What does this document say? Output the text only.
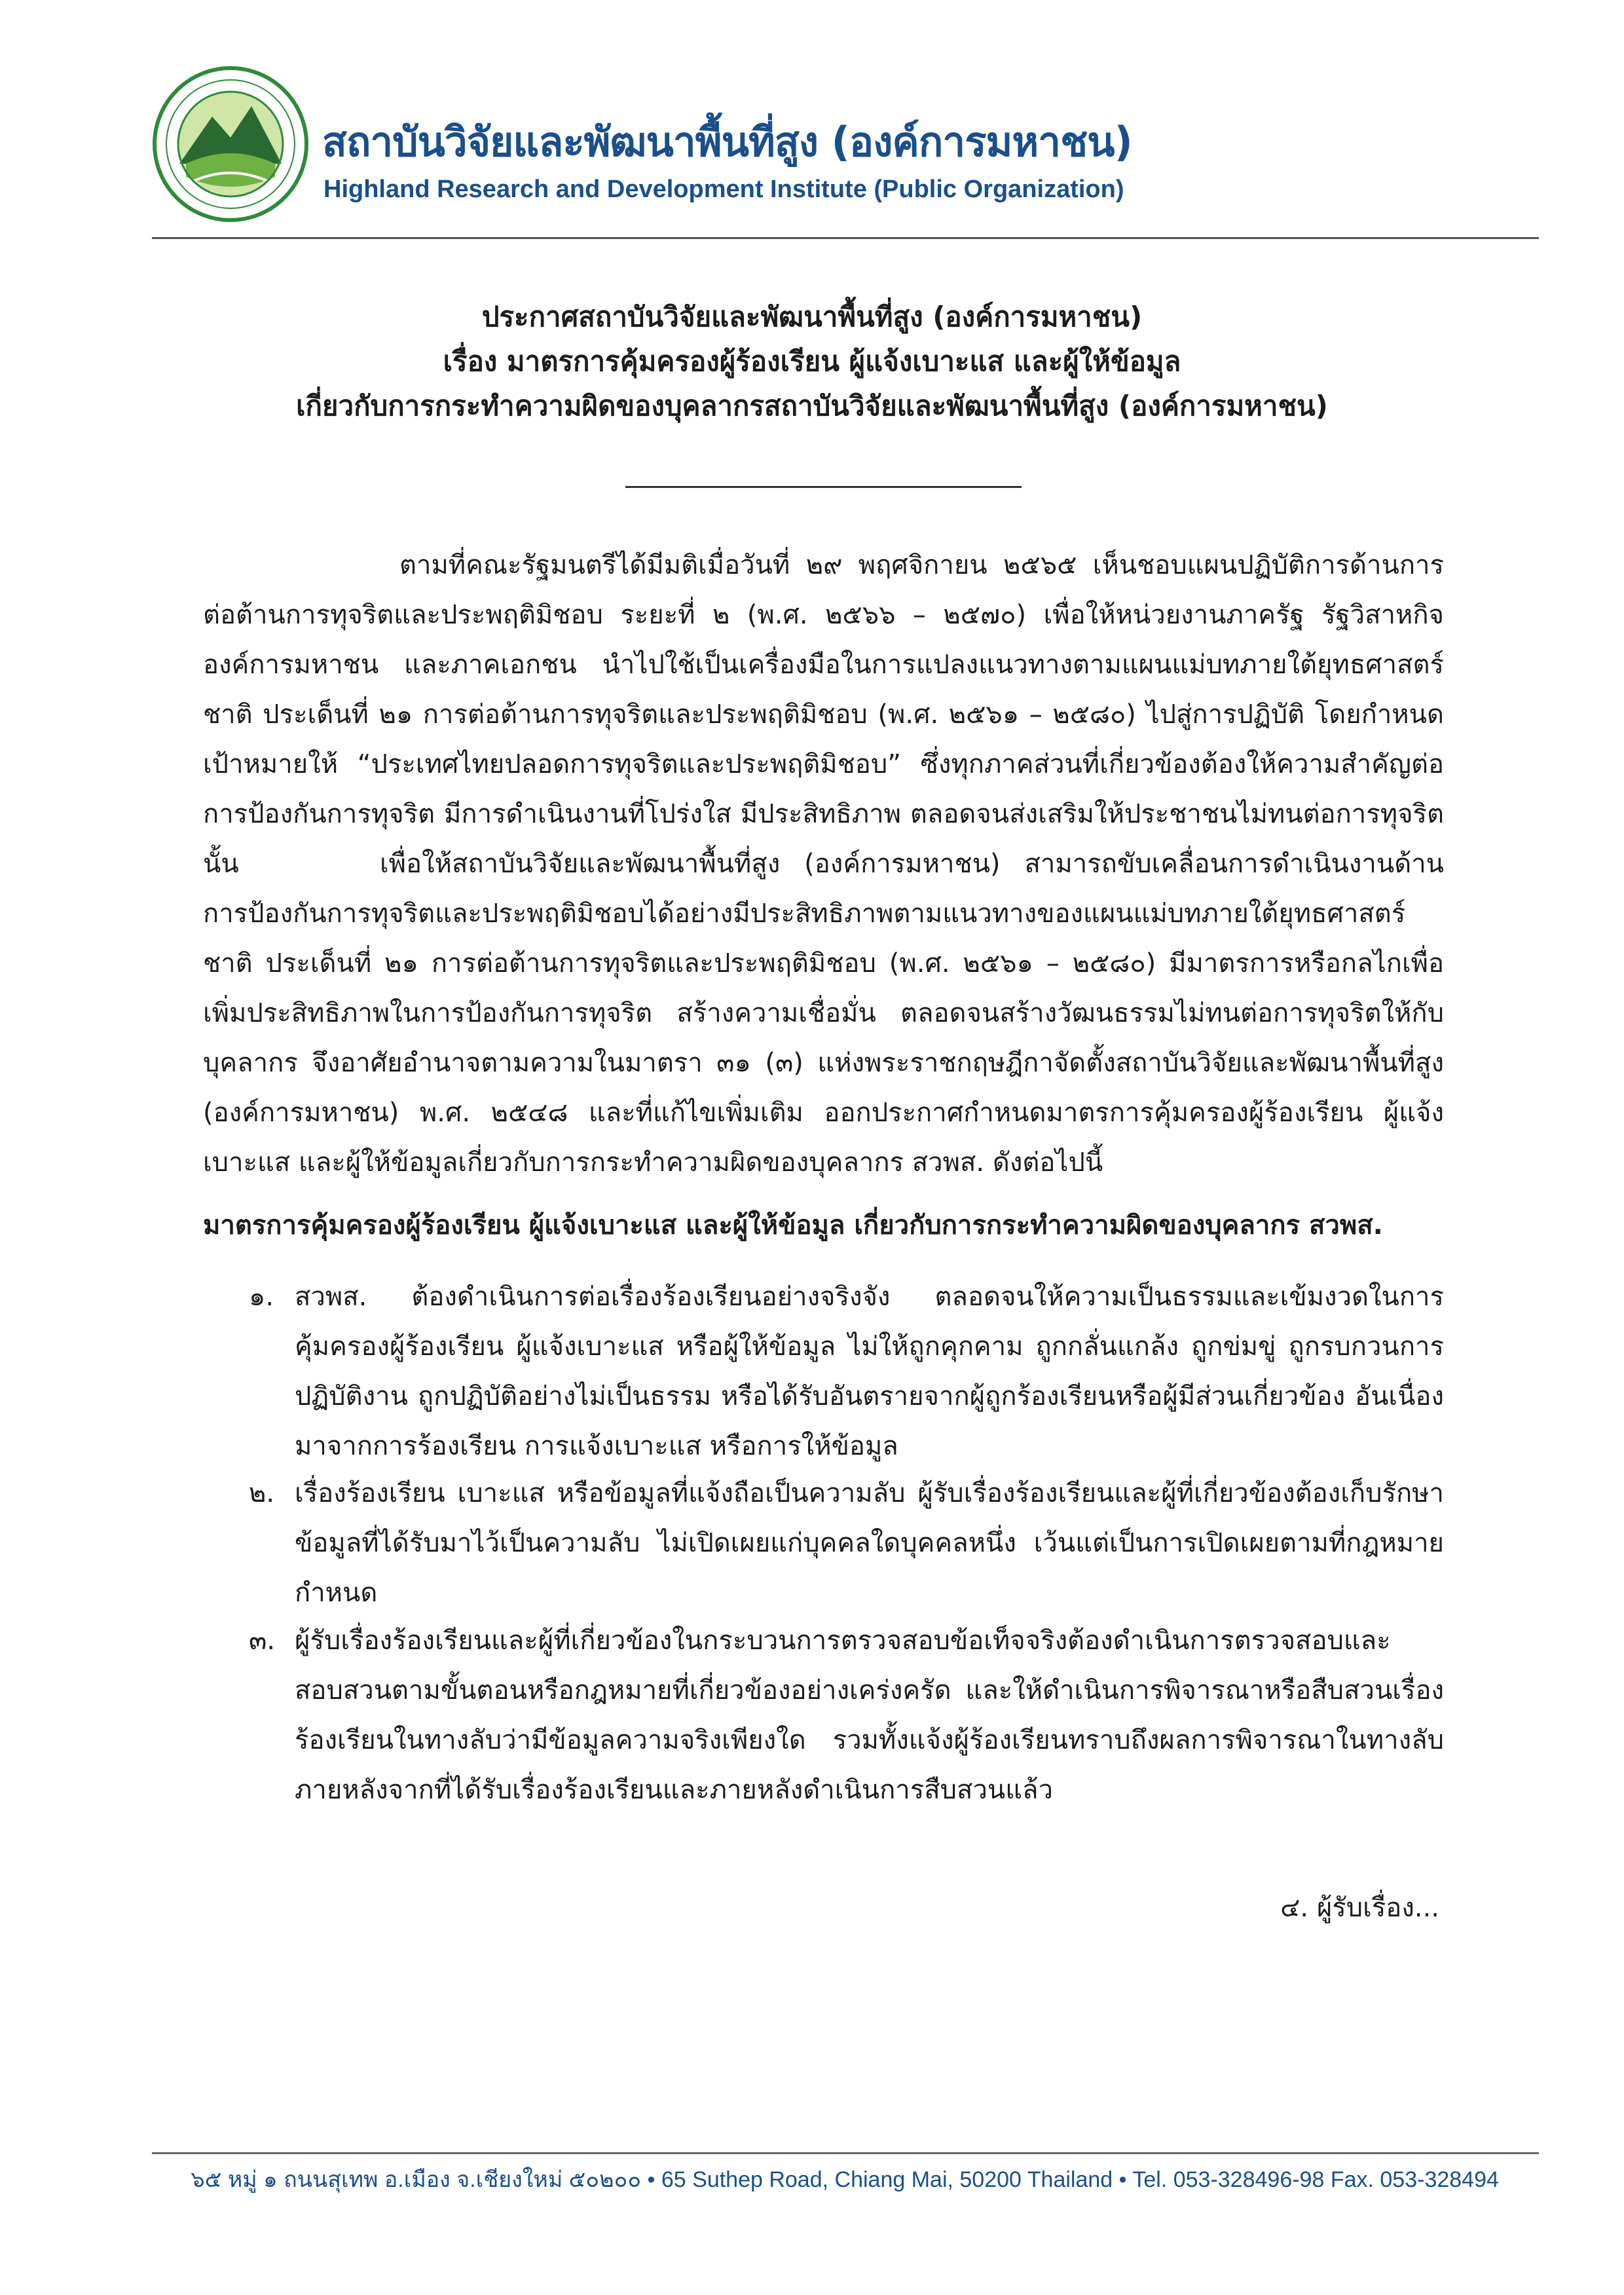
สถาบันวิจัยและพัฒนาพื้นที่สูง (องค์การมหาชน)
Highland Research and Development Institute (Public Organization)
ประกาศสถาบันวิจัยและพัฒนาพื้นที่สูง (องค์การมหาชน)
เรื่อง มาตรการคุ้มครองผู้ร้องเรียน ผู้แจ้งเบาะแส และผู้ให้ข้อมูล
เกี่ยวกับการกระทำความผิดของบุคลากรสถาบันวิจัยและพัฒนาพื้นที่สูง (องค์การมหาชน)
ตามที่คณะรัฐมนตรีได้มีมติเมื่อวันที่ ๒๙ พฤศจิกายน ๒๕๖๕ เห็นชอบแผนปฏิบัติการด้านการต่อต้านการทุจริตและประพฤติมิชอบ ระยะที่ ๒ (พ.ศ. ๒๕๖๖ – ๒๕๗๐) เพื่อให้หน่วยงานภาครัฐ รัฐวิสาหกิจ องค์การมหาชน และภาคเอกชน นำไปใช้เป็นเครื่องมือในการแปลงแนวทางตามแผนแม่บทภายใต้ยุทธศาสตร์ชาติ ประเด็นที่ ๒๑ การต่อต้านการทุจริตและประพฤติมิชอบ (พ.ศ. ๒๕๖๑ – ๒๕๘๐) ไปสู่การปฏิบัติ โดยกำหนดเป้าหมายให้ “ประเทศไทยปลอดการทุจริตและประพฤติมิชอบ” ซึ่งทุกภาคส่วนที่เกี่ยวข้องต้องให้ความสำคัญต่อการป้องกันการทุจริต มีการดำเนินงานที่โปร่งใส มีประสิทธิภาพ ตลอดจนส่งเสริมให้ประชาชนไม่ทนต่อการทุจริต นั้น	เพื่อให้สถาบันวิจัยและพัฒนาพื้นที่สูง (องค์การมหาชน) สามารถขับเคลื่อนการดำเนินงานด้านการป้องกันการทุจริตและประพฤติมิชอบได้อย่างมีประสิทธิภาพตามแนวทางของแผนแม่บทภายใต้ยุทธศาสตร์ชาติ ประเด็นที่ ๒๑ การต่อต้านการทุจริตและประพฤติมิชอบ (พ.ศ. ๒๕๖๑ – ๒๕๘๐) มีมาตรการหรือกลไกเพื่อเพิ่มประสิทธิภาพในการป้องกันการทุจริต สร้างความเชื่อมั่น ตลอดจนสร้างวัฒนธรรมไม่ทนต่อการทุจริตให้กับบุคลากร จึงอาศัยอำนาจตามความในมาตรา ๓๑ (๓) แห่งพระราชกฤษฎีกาจัดตั้งสถาบันวิจัยและพัฒนาพื้นที่สูง (องค์การมหาชน) พ.ศ. ๒๕๔๘ และที่แก้ไขเพิ่มเติม ออกประกาศกำหนดมาตรการคุ้มครองผู้ร้องเรียน ผู้แจ้งเบาะแส และผู้ให้ข้อมูลเกี่ยวกับการกระทำความผิดของบุคลากร สวพส. ดังต่อไปนี้
มาตรการคุ้มครองผู้ร้องเรียน ผู้แจ้งเบาะแส และผู้ให้ข้อมูล เกี่ยวกับการกระทำความผิดของบุคลากร สวพส.
๑. สวพส. ต้องดำเนินการต่อเรื่องร้องเรียนอย่างจริงจัง ตลอดจนให้ความเป็นธรรมและเข้มงวดในการคุ้มครองผู้ร้องเรียน ผู้แจ้งเบาะแส หรือผู้ให้ข้อมูล ไม่ให้ถูกคุกคาม ถูกกลั่นแกล้ง ถูกข่มขู่ ถูกรบกวนการปฏิบัติงาน ถูกปฏิบัติอย่างไม่เป็นธรรม หรือได้รับอันตรายจากผู้ถูกร้องเรียนหรือผู้มีส่วนเกี่ยวข้อง อันเนื่องมาจากการร้องเรียน การแจ้งเบาะแส หรือการให้ข้อมูล
๒. เรื่องร้องเรียน เบาะแส หรือข้อมูลที่แจ้งถือเป็นความลับ ผู้รับเรื่องร้องเรียนและผู้ที่เกี่ยวข้องต้องเก็บรักษาข้อมูลที่ได้รับมาไว้เป็นความลับ ไม่เปิดเผยแก่บุคคลใดบุคคลหนึ่ง เว้นแต่เป็นการเปิดเผยตามที่กฎหมายกำหนด
๓. ผู้รับเรื่องร้องเรียนและผู้ที่เกี่ยวข้องในกระบวนการตรวจสอบข้อเท็จจริงต้องดำเนินการตรวจสอบและสอบสวนตามขั้นตอนหรือกฎหมายที่เกี่ยวข้องอย่างเคร่งครัด และให้ดำเนินการพิจารณาหรือสืบสวนเรื่องร้องเรียนในทางลับว่ามีข้อมูลความจริงเพียงใด รวมทั้งแจ้งผู้ร้องเรียนทราบถึงผลการพิจารณาในทางลับภายหลังจากที่ได้รับเรื่องร้องเรียนและภายหลังดำเนินการสืบสวนแล้ว
๔. ผู้รับเรื่อง...
๖๕ หมู่ ๑ ถนนสุเทพ อ.เมือง จ.เชียงใหม่ ๕๐๒๐๐ • 65 Suthep Road, Chiang Mai, 50200 Thailand • Tel. 053-328496-98 Fax. 053-328494
